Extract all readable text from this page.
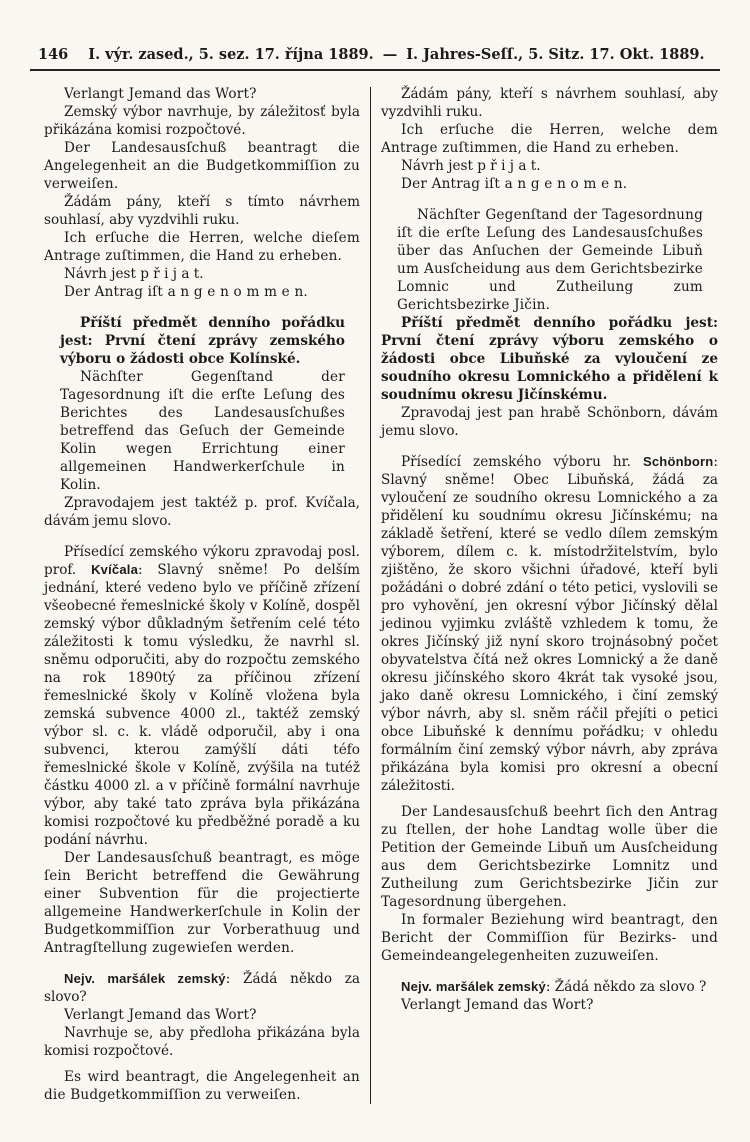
146 I. výr. zased., 5. sez. 17. října 1889. — I. Jahres-Seſſ., 5. Sitz. 17. Okt. 1889.

Verlangt Jemand das Wort?

Zemský výbor navrhuje, by záležitosť byla přikázána komisi rozpočtové.

Der Landesausſchuß beantragt die Angelegenheit an die Budgetkommiſſion zu verweiſen.

Žádám pány, kteří s tímto návrhem souhlasí, aby vyzdvihli ruku.

Ich erſuche die Herren, welche dieſem Antrage zuſtimmen, die Hand zu erheben.

Návrh jest p ř i j a t.

Der Antrag iſt a n g e n o m m e n.

Příští předmět denního pořádku jest: První čtení zprávy zemského výboru o žádosti obce Kolínské.

Nächſter Gegenſtand der Tagesordnung iſt die erſte Leſung des Berichtes des Landesausſchußes betreffend das Geſuch der Gemeinde Kolin wegen Errichtung einer allgemeinen Handwerkerſchule in Kolin.

Zpravodajem jest taktéž p. prof. Kvíčala, dávám jemu slovo.

Přísedící zemského výkoru zpravodaj posl. prof. Kvíčala: Slavný sněme! Po delším jednání, které vedeno bylo ve příčině zřízení všeobecné řemeslnické školy v Kolíně, dospěl zemský výbor důkladným šetřením celé této záležitosti k tomu výsledku, že navrhl sl. sněmu odporučiti, aby do rozpočtu zemského na rok 1890tý za příčinou zřízení řemeslnické školy v Kolíně vložena byla zemská subvence 4000 zl., taktéž zemský výbor sl. c. k. vládě odporučil, aby i ona subvenci, kterou zamýšlí dáti téfo řemeslnické škole v Kolíně, zvýšila na tutéž částku 4000 zl. a v příčině formální navrhuje výbor, aby také tato zpráva byla přikázána komisi rozpočtové ku předběžné poradě a ku podání návrhu.

Der Landesausſchuß beantragt, es möge ſein Bericht betreffend die Gewährung einer Subvention für die projectierte allgemeine Handwerkerſchule in Kolin der Budgetkommiſſion zur Vorberathuug und Antragſtellung zugewieſen werden.

Nejv. maršálek zemský: Žádá někdo za slovo?

Verlangt Jemand das Wort?

Navrhuje se, aby předloha přikázána byla komisi rozpočtové.

Es wird beantragt, die Angelegenheit an die Budgetkommiſſion zu verweiſen.

Žádám pány, kteří s návrhem souhlasí, aby vyzdvihli ruku.

Ich erſuche die Herren, welche dem Antrage zuſtimmen, die Hand zu erheben.

Návrh jest p ř i j a t.

Der Antrag iſt a n g e n o m e n.

Nächſter Gegenſtand der Tagesordnung iſt die erſte Leſung des Landesausſchußes über das Anſuchen der Gemeinde Libuň um Ausſcheidung aus dem Gerichtsbezirke Lomnic und Zutheilung zum Gerichtsbezirke Jičin.

Příští předmět denního pořádku jest: První čtení zprávy výboru zemského o žádosti obce Libuňské za vyloučení ze soudního okresu Lomnického a přidělení k soudnímu okresu Jičínskému.

Zpravodaj jest pan hrabě Schönborn, dávám jemu slovo.

Přísedící zemského výboru hr. Schönborn: Slavný sněme! Obec Libuňská, žádá za vyloučení ze soudního okresu Lomnického a za přidělení ku soudnímu okresu Jičínskému; na základě šetření, které se vedlo dílem zemským výborem, dílem c. k. místodržitelstvím, bylo zjištěno, že skoro všichni úřadové, kteří byli požádáni o dobré zdání o této petici, vyslovili se pro vyhovění, jen okresní výbor Jičínský dělal jedinou vyjimku zvláště vzhledem k tomu, že okres Jičínský již nyní skoro trojnásobný počet obyvatelstva čítá než okres Lomnický a že daně okresu jičínského skoro 4krát tak vysoké jsou, jako daně okresu Lomnického, i činí zemský výbor návrh, aby sl. sněm ráčil přejíti o petici obce Libuňské k dennímu pořádku; v ohledu formálním činí zemský výbor návrh, aby zpráva přikázána byla komisi pro okresní a obecní záležitosti.

Der Landesausſchuß beehrt ſich den Antrag zu ſtellen, der hohe Landtag wolle über die Petition der Gemeinde Libuň um Ausſcheidung aus dem Gerichtsbezirke Lomnitz und Zutheilung zum Gerichtsbezirke Jičin zur Tagesordnung übergehen.

In formaler Beziehung wird beantragt, den Bericht der Commiſſion für Bezirks- und Gemeindeangelegenheiten zuzuweiſen.

Nejv. maršálek zemský: Žádá někdo za slovo ?

Verlangt Jemand das Wort?
